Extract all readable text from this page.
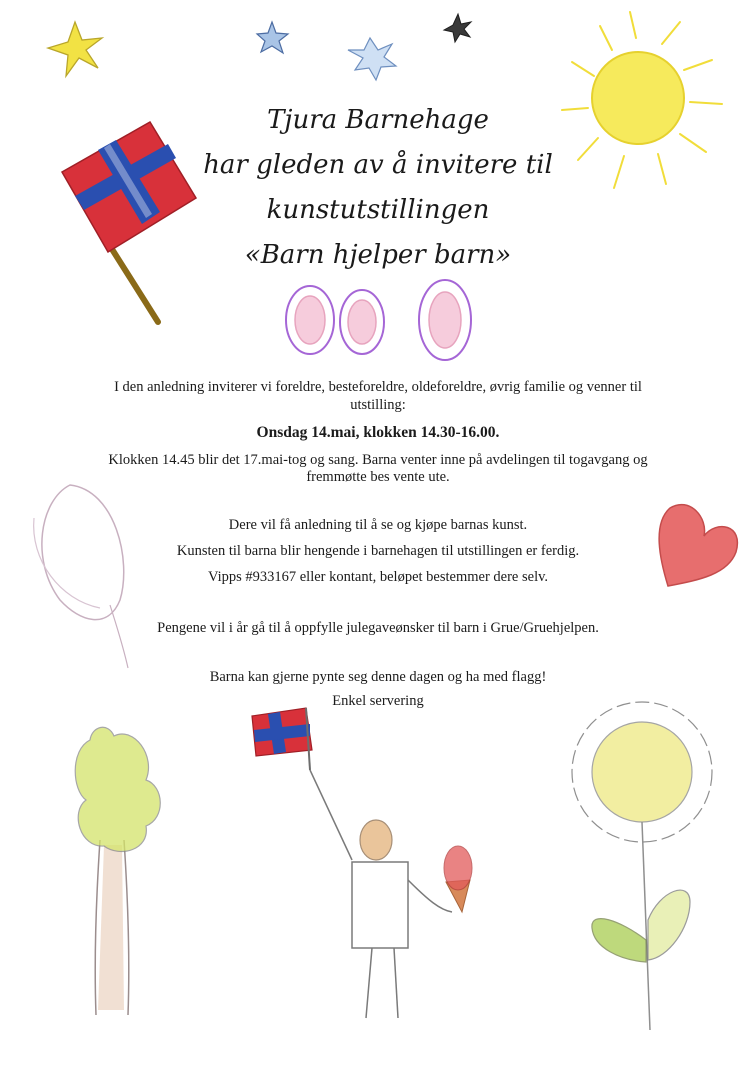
Tjura Barnehage
har gleden av å invitere til
kunstutstillingen
«Barn hjelper barn»
I den anledning inviterer vi foreldre, besteforeldre, oldeforeldre, øvrig familie og venner til
utstilling:
Onsdag 14.mai, klokken 14.30-16.00.
Klokken 14.45 blir det 17.mai-tog og sang. Barna venter inne på avdelingen til togavgang og
fremmøtte bes vente ute.
Dere vil få anledning til å se og kjøpe barnas kunst.
Kunsten til barna blir hengende i barnehagen til utstillingen er ferdig.
Vipps #933167 eller kontant, beløpet bestemmer dere selv.
Pengene vil i år gå til å oppfylle julegaveønsker til barn i Grue/Gruehjelpen.
Barna kan gjerne pynte seg denne dagen og ha med flagg!
Enkel servering
